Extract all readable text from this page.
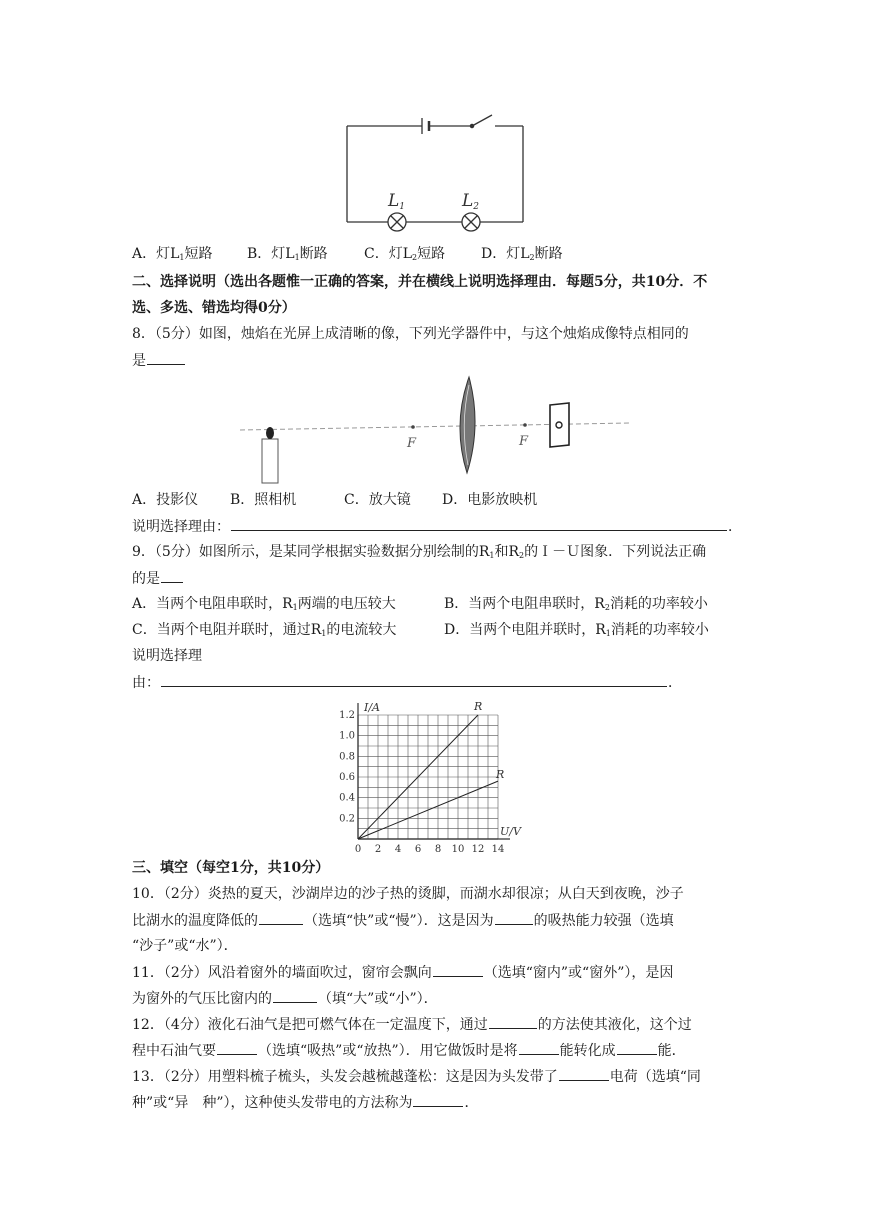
L1	L2
A．灯$L_1$短路 B．灯$L_1$断路	C．灯$L_2$短路	D．灯$L_2$断路
二、选择说明（选出各题惟一正确的答案，并在横线上说明选择理由．每题5分，共10分．不
选、多选、错选均得0分）
8．（5分）如图，烛焰在光屏上成清晰的像，下列光学器件中，与这个烛焰成像特点相同的
是
F	F
A．投影仪 B．照相机	C．放大镜 D．电影放映机
说明选择理由：	．
9．（5分）如图所示，是某同学根据实验数据分别绘制的$R_1$和$R_2$的Ｉ－Ｕ图象．下列说法正确
的是
A．当两个电阻串联时，$R_1$两端的电压较大	B．当两个电阻串联时，$R_2$消耗的功率较小
C．当两个电阻并联时，通过$R_1$的电流较大	D．当两个电阻并联时，$R_1$消耗的功率较小
说明选择理
由：	．
0 2 4 6 8 10 12 14
0.2
0.4
0.6
0.8
1.0
1.2
I/A
U/V
R
R
三、填空（每空1分，共10分）
10．（2分）炎热的夏天，沙湖岸边的沙子热的烫脚，而湖水却很凉；从白天到夜晚，沙子
比湖水的温度降低的	（选填“快”或“慢”）．这是因为	的吸热能力较强（选填
“沙子”或“水”）．
11．（2分）风沿着窗外的墙面吹过，窗帘会飘向	（选填“窗内”或“窗外”），是因
为窗外的气压比窗内的	（填“大”或“小”）．
12．（4分）液化石油气是把可燃气体在一定温度下，通过	的方法使其液化，这个过
程中石油气要	（选填“吸热”或“放热”）．用它做饭时是将	能转化成	能．
13．（2分）用塑料梳子梳头，头发会越梳越蓬松：这是因为头发带了	电荷（选填“同
种”或“异　种”），这种使头发带电的方法称为	．
